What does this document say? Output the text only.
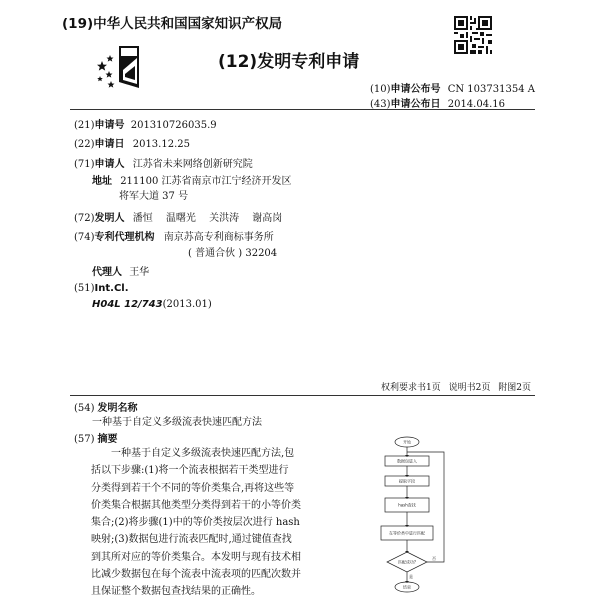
(19)中华人民共和国国家知识产权局
(12)发明专利申请
(10)申请公布号 CN 103731354 A
(43)申请公布日 2014.04.16
(21)申请号 201310726035.9
(22)申请日 2013.12.25
(71)申请人 江苏省未来网络创新研究院
地址 211100 江苏省南京市江宁经济开发区
将军大道 37 号
(72)发明人 潘恒 温曙光 关洪涛 谢高岗
(74)专利代理机构 南京苏高专利商标事务所
( 普通合伙 ) 32204
代理人 王华
(51)Int.Cl.
H04L 12/743(2013.01)
权利要求书1页 说明书2页 附图2页
(54) 发明名称
一种基于自定义多级流表快速匹配方法
(57) 摘要

一种基于自定义多级流表快速匹配方法,包

括以下步骤:(1)将一个流表根据若干类型进行

分类得到若干个不同的等价类集合,再将这些等

价类集合根据其他类型分类得到若干的小等价类

集合;(2)将步骤(1)中的等价类按层次进行 hash

映射;(3)数据包进行流表匹配时,通过键值查找

到其所对应的等价类集合。本发明与现有技术相

比减少数据包在每个流表中流表项的匹配次数并

且保证整个数据包查找结果的正确性。

开始
数据包进入
提取字段
hash查找
在等价类中进行匹配
匹配成功?
是
否
结束
